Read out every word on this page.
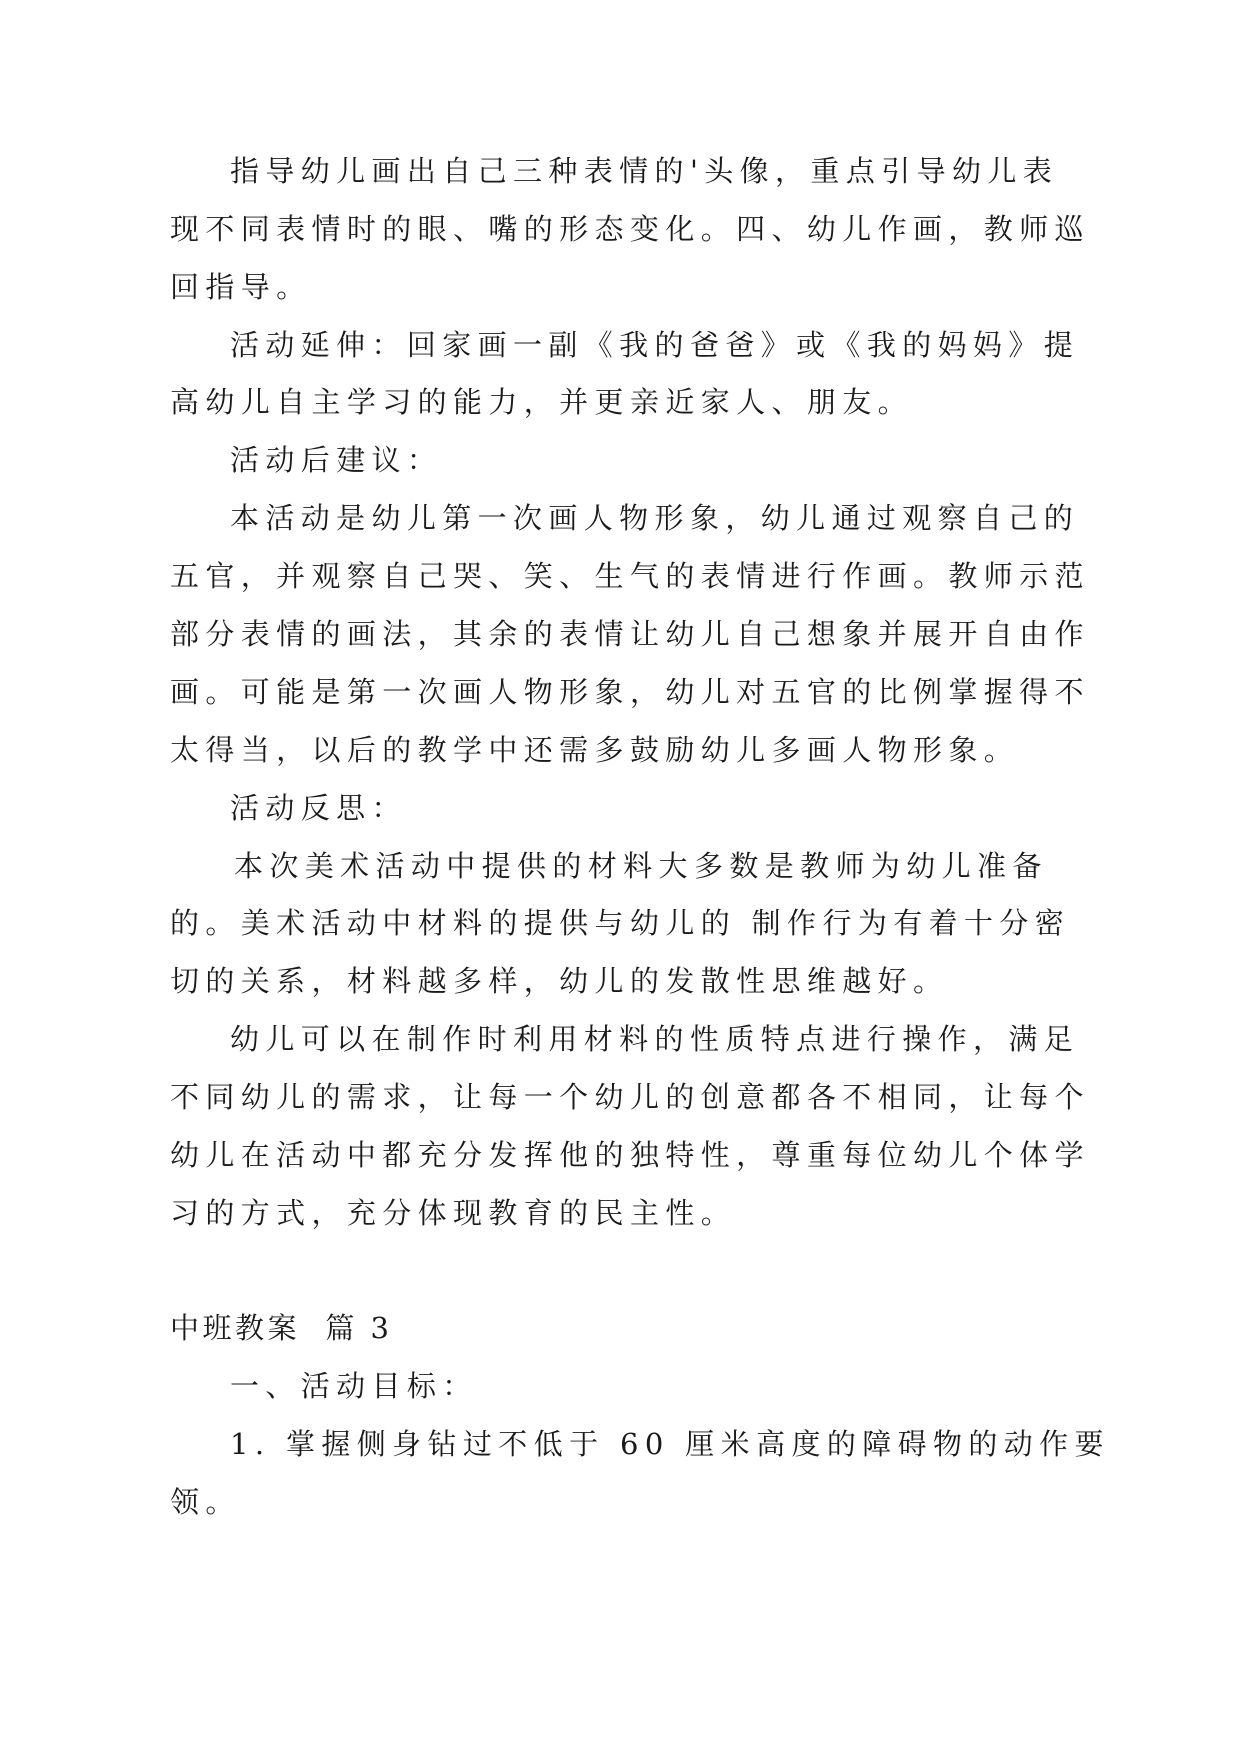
指导幼儿画出自己三种表情的'头像，重点引导幼儿表
现不同表情时的眼、嘴的形态变化。四、幼儿作画，教师巡
回指导。
活动延伸：回家画一副《我的爸爸》或《我的妈妈》提
高幼儿自主学习的能力，并更亲近家人、朋友。
活动后建议：
本活动是幼儿第一次画人物形象，幼儿通过观察自己的
五官，并观察自己哭、笑、生气的表情进行作画。教师示范
部分表情的画法，其余的表情让幼儿自己想象并展开自由作
画。可能是第一次画人物形象，幼儿对五官的比例掌握得不
太得当，以后的教学中还需多鼓励幼儿多画人物形象。
活动反思：
本次美术活动中提供的材料大多数是教师为幼儿准备
的。美术活动中材料的提供与幼儿的 制作行为有着十分密
切的关系，材料越多样，幼儿的发散性思维越好。
幼儿可以在制作时利用材料的性质特点进行操作，满足
不同幼儿的需求，让每一个幼儿的创意都各不相同，让每个
幼儿在活动中都充分发挥他的独特性，尊重每位幼儿个体学
习的方式，充分体现教育的民主性。
中班教案  篇 3
一、活动目标：
1. 掌握侧身钻过不低于 60 厘米高度的障碍物的动作要
领。
